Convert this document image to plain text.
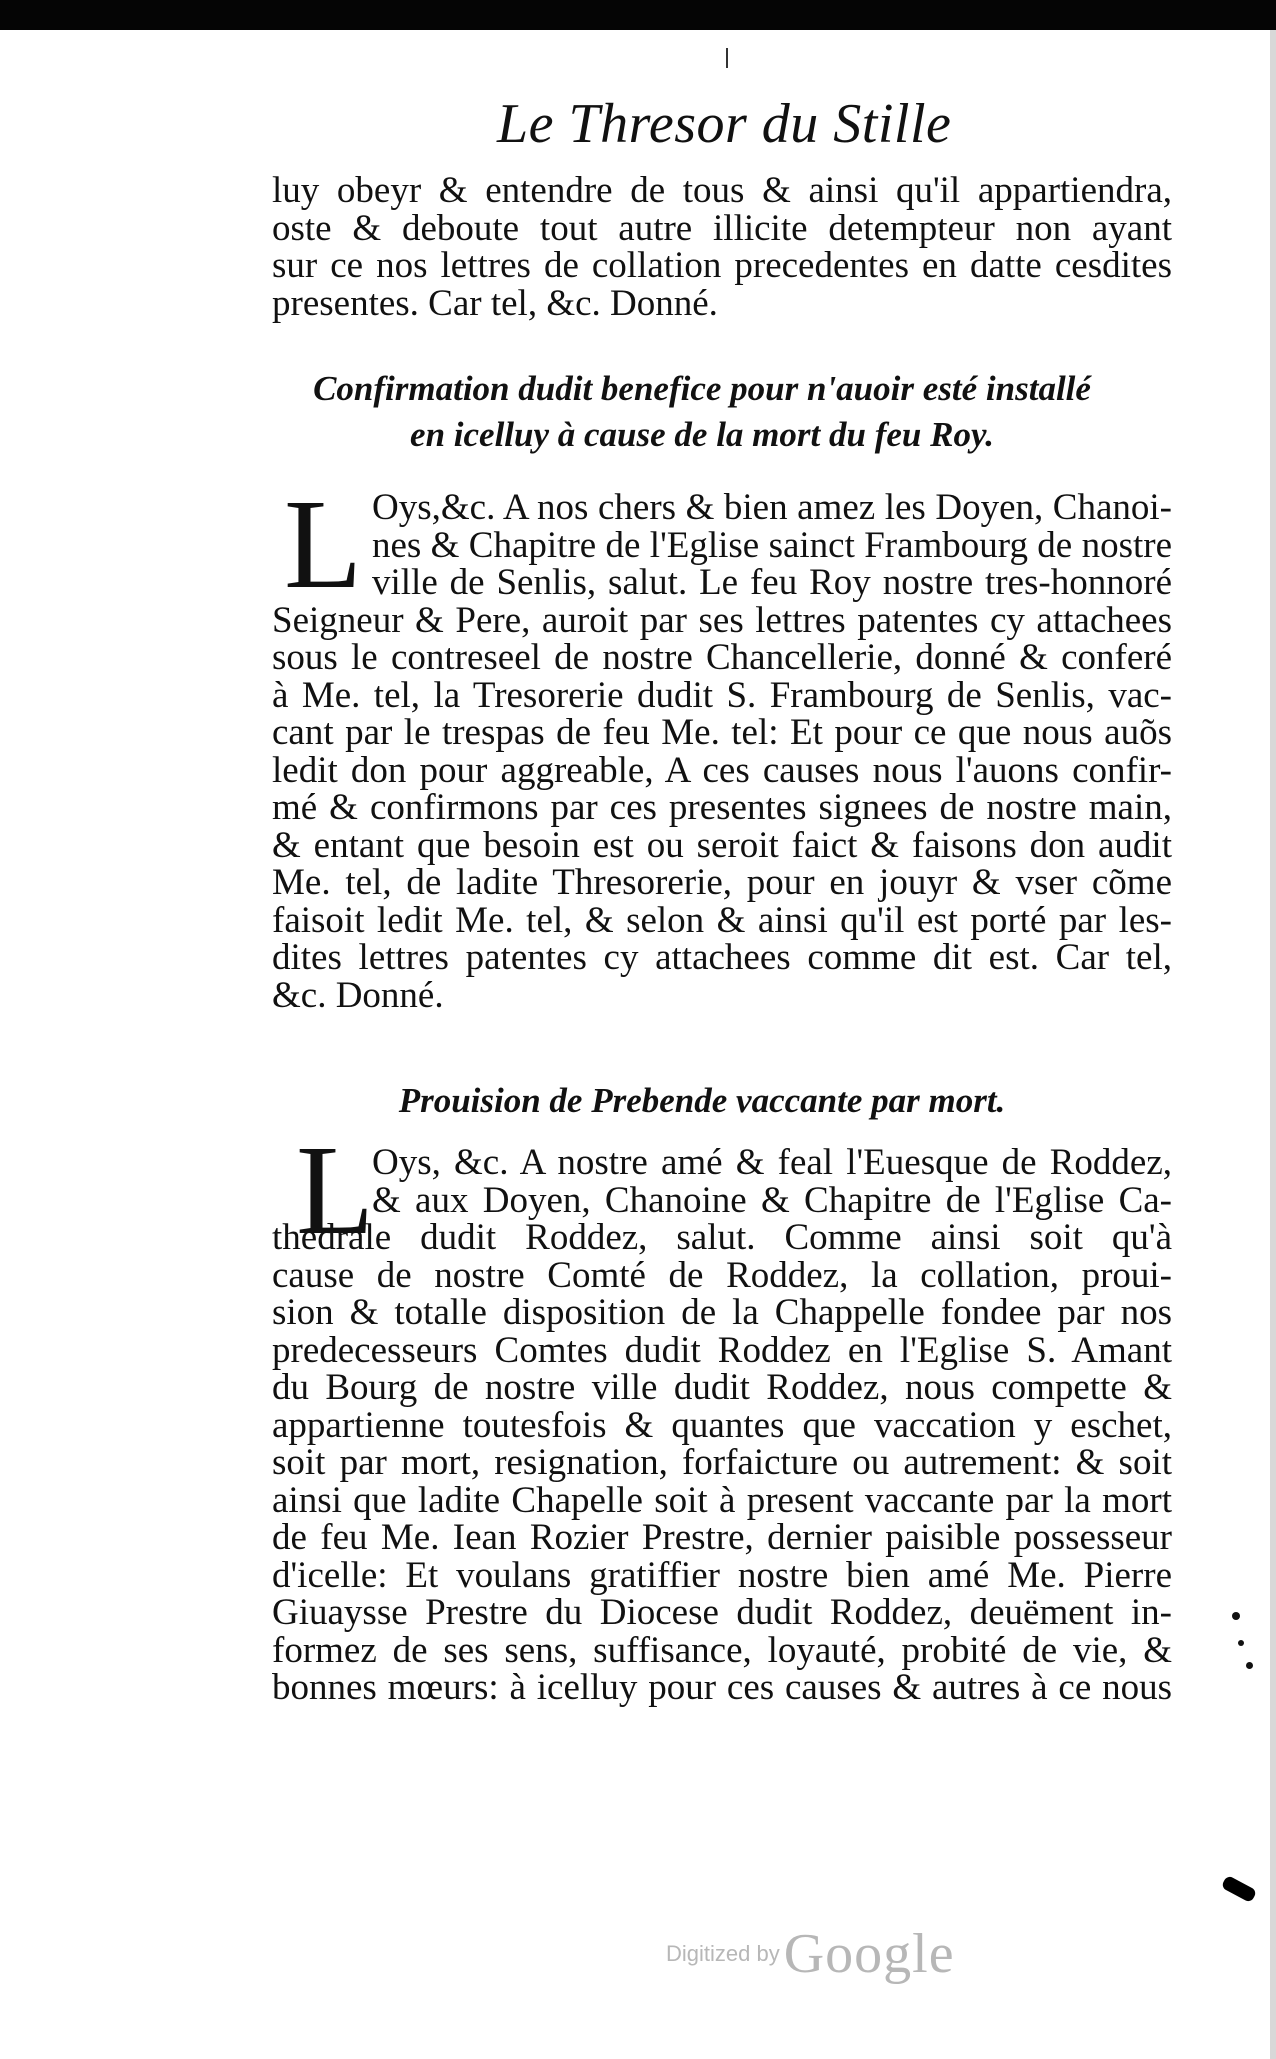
Le Thresor du Stille
luy obeyr & entendre de tous & ainsi qu'il appartiendra,
oste & deboute tout autre illicite detempteur non ayant
sur ce nos lettres de collation precedentes en datte cesdites
presentes. Car tel, &c. Donné.
Confirmation dudit benefice pour n'auoir esté installé
en icelluy à cause de la mort du feu Roy.
L Oys,&c. A nos chers & bien amez les Doyen, Chanoi-
nes & Chapitre de l'Eglise sainct Frambourg de nostre
ville de Senlis, salut. Le feu Roy nostre tres-honnoré
Seigneur & Pere, auroit par ses lettres patentes cy attachees
sous le contreseel de nostre Chancellerie, donné & conferé
à Me. tel, la Tresorerie dudit S. Frambourg de Senlis, vac-
cant par le trespas de feu Me. tel: Et pour ce que nous auõs
ledit don pour aggreable, A ces causes nous l'auons confir-
mé & confirmons par ces presentes signees de nostre main,
& entant que besoin est ou seroit faict & faisons don audit
Me. tel, de ladite Thresorerie, pour en jouyr & vser cõme
faisoit ledit Me. tel, & selon & ainsi qu'il est porté par les-
dites lettres patentes cy attachees comme dit est. Car tel,
&c. Donné.
Prouision de Prebende vaccante par mort.
L
Oys, &c. A nostre amé & feal l'Euesque de Roddez,
& aux Doyen, Chanoine & Chapitre de l'Eglise Ca-
thedrale dudit Roddez, salut. Comme ainsi soit qu'à
cause de nostre Comté de Roddez, la collation, proui-
sion & totalle disposition de la Chappelle fondee par nos
predecesseurs Comtes dudit Roddez en l'Eglise S. Amant
du Bourg de nostre ville dudit Roddez, nous compette &
appartienne toutesfois & quantes que vaccation y eschet,
soit par mort, resignation, forfaicture ou autrement: & soit
ainsi que ladite Chapelle soit à present vaccante par la mort
de feu Me. Iean Rozier Prestre, dernier paisible possesseur
d'icelle: Et voulans gratiffier nostre bien amé Me. Pierre
Giuaysse Prestre du Diocese dudit Roddez, deuëment in-
formez de ses sens, suffisance, loyauté, probité de vie, &
bonnes mœurs: à icelluy pour ces causes & autres à ce nous
Digitized by Google
